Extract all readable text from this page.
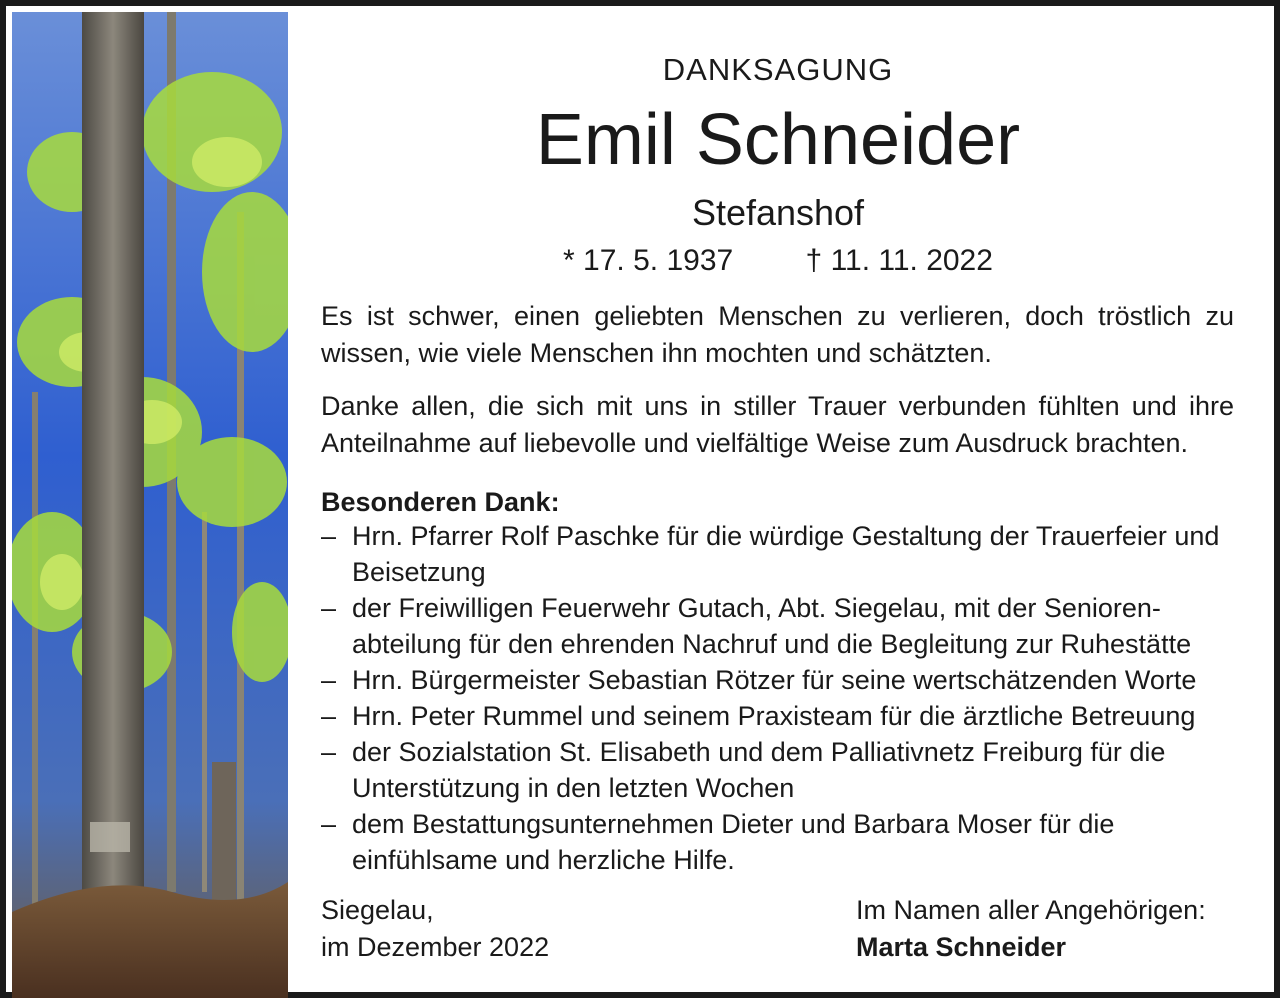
DANKSAGUNG
Emil Schneider
Stefanshof
* 17. 5. 1937 † 11. 11. 2022
Es ist schwer, einen geliebten Menschen zu verlieren, doch tröstlich zu wissen, wie viele Menschen ihn mochten und schätzten.
Danke allen, die sich mit uns in stiller Trauer verbunden fühlten und ihre Anteilnahme auf liebevolle und vielfältige Weise zum Ausdruck brachten.
Besonderen Dank:
– Hrn. Pfarrer Rolf Paschke für die würdige Gestaltung der Trauerfeier und Beisetzung
– der Freiwilligen Feuerwehr Gutach, Abt. Siegelau, mit der Senioren-abteilung für den ehrenden Nachruf und die Begleitung zur Ruhestätte
– Hrn. Bürgermeister Sebastian Rötzer für seine wertschätzenden Worte
– Hrn. Peter Rummel und seinem Praxisteam für die ärztliche Betreuung
– der Sozialstation St. Elisabeth und dem Palliativnetz Freiburg für die Unterstützung in den letzten Wochen
– dem Bestattungsunternehmen Dieter und Barbara Moser für die einfühlsame und herzliche Hilfe.
Siegelau,
im Dezember 2022
Im Namen aller Angehörigen:
Marta Schneider
